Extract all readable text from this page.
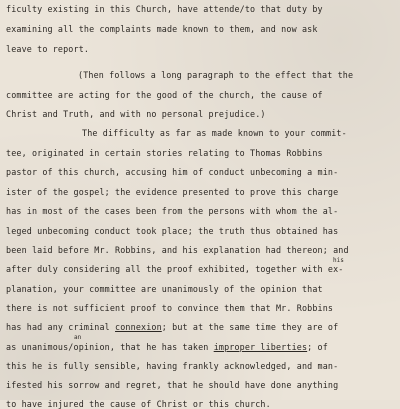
ficulty existing in this Church, have attende/to that duty by
examining all the complaints made known to them, and now ask
leave to report.
(Then follows a long paragraph to the effect that the
committee are acting for the good of the church, the cause of
Christ and Truth, and with no personal prejudice.)
The difficulty as far as made known to your commit-
tee, originated in certain stories relating to Thomas Robbins
pastor of this church, accusing him of conduct unbecoming a min-
ister of the gospel; the evidence presented to prove this charge
has in most of the cases been from the persons with whom the al-
leged unbecoming conduct took place; the truth thus obtained has
been laid before Mr. Robbins, and his explanation had thereon; and
after duly considering all the proof exhibited, together with ex-
planation, your committee are unanimously of the opinion that
there is not sufficient proof to convince them that Mr. Robbins
has had any criminal connexion; but at the same time they are of
as unanimous/opinion, that he has taken improper liberties; of
this he is fully sensible, having frankly acknowledged, and man-
ifested his sorrow and regret, that he should have done anything
to have injured the cause of Christ or this church.
his
an
